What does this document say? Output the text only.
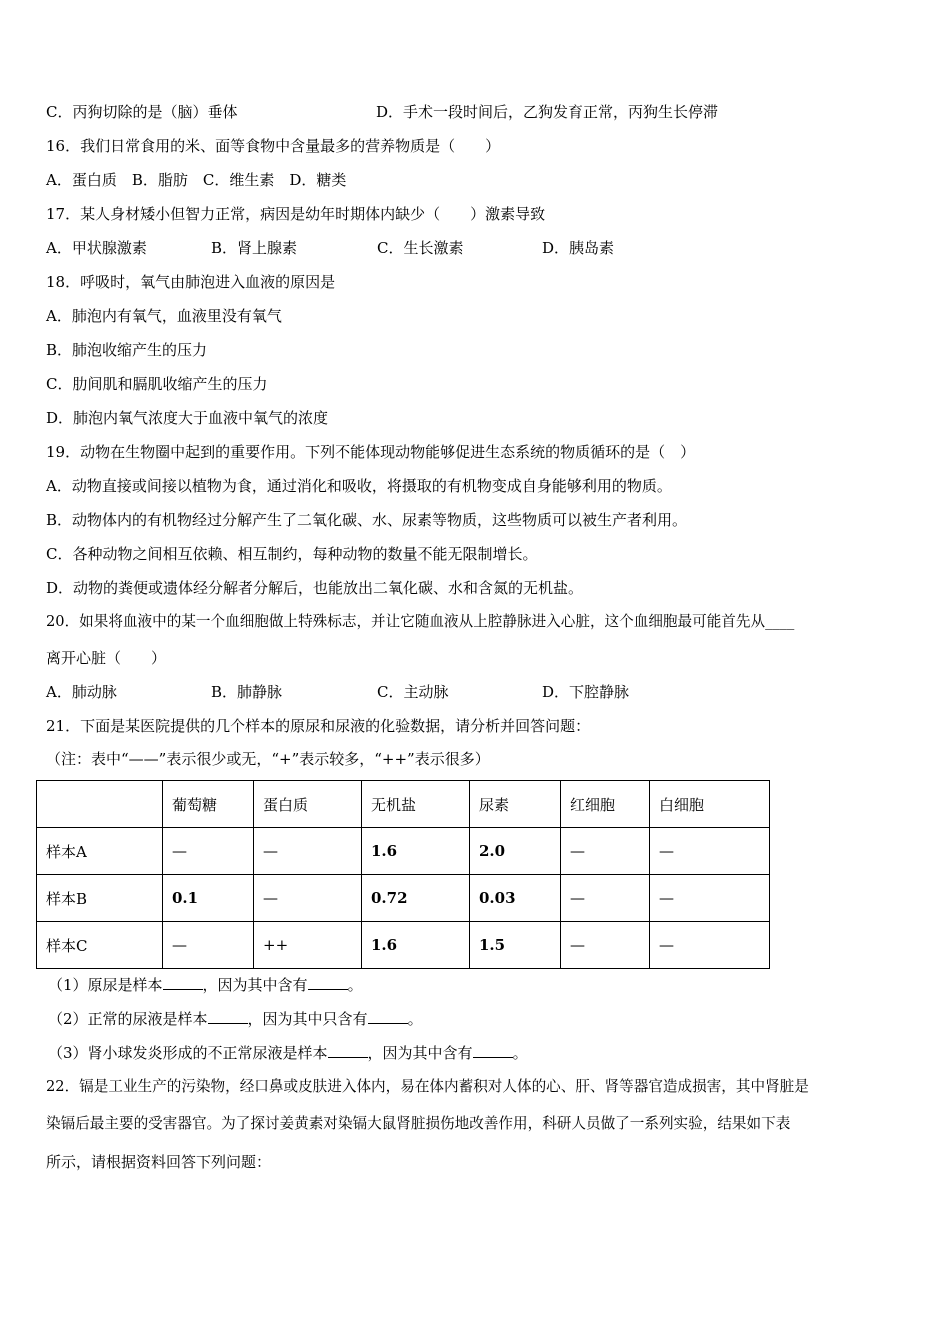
C．丙狗切除的是（脑）垂体	D．手术一段时间后，乙狗发育正常，丙狗生长停滞
16．我们日常食用的米、面等食物中含量最多的营养物质是（　　）
A．蛋白质　B．脂肪　C．维生素　D．糖类
17．某人身材矮小但智力正常，病因是幼年时期体内缺少（　　）激素导致
A．甲状腺激素	B．肾上腺素	C．生长激素	D．胰岛素
18．呼吸时，氧气由肺泡进入血液的原因是
A．肺泡内有氧气，血液里没有氧气
B．肺泡收缩产生的压力
C．肋间肌和膈肌收缩产生的压力
D．肺泡内氧气浓度大于血液中氧气的浓度
19．动物在生物圈中起到的重要作用。下列不能体现动物能够促进生态系统的物质循环的是（　）
A．动物直接或间接以植物为食，通过消化和吸收，将摄取的有机物变成自身能够利用的物质。
B．动物体内的有机物经过分解产生了二氧化碳、水、尿素等物质，这些物质可以被生产者利用。
C．各种动物之间相互依赖、相互制约，每种动物的数量不能无限制增长。
D．动物的粪便或遗体经分解者分解后，也能放出二氧化碳、水和含氮的无机盐。
20．如果将血液中的某一个血细胞做上特殊标志，并让它随血液从上腔静脉进入心脏，这个血细胞最可能首先从____
离开心脏（　　）
A．肺动脉	B．肺静脉	C．主动脉	D．下腔静脉
21．下面是某医院提供的几个样本的原尿和尿液的化验数据，请分析并回答问题：
（注：表中“——”表示很少或无，“+”表示较多，“++”表示很多）
	葡萄糖	蛋白质	无机盐	尿素	红细胞	白细胞
样本A	—	—	1.6	2.0	—	—
样本B	0.1	—	0.72	0.03	—	—
样本C	—	++	1.6	1.5	—	—
（1）原尿是样本	，因为其中含有	。
（2）正常的尿液是样本	，因为其中只含有	。
（3）肾小球发炎形成的不正常尿液是样本	，因为其中含有	。
22．镉是工业生产的污染物，经口鼻或皮肤进入体内，易在体内蓄积对人体的心、肝、肾等器官造成损害，其中肾脏是
染镉后最主要的受害器官。为了探讨姜黄素对染镉大鼠肾脏损伤地改善作用，科研人员做了一系列实验，结果如下表
所示，请根据资料回答下列问题：
